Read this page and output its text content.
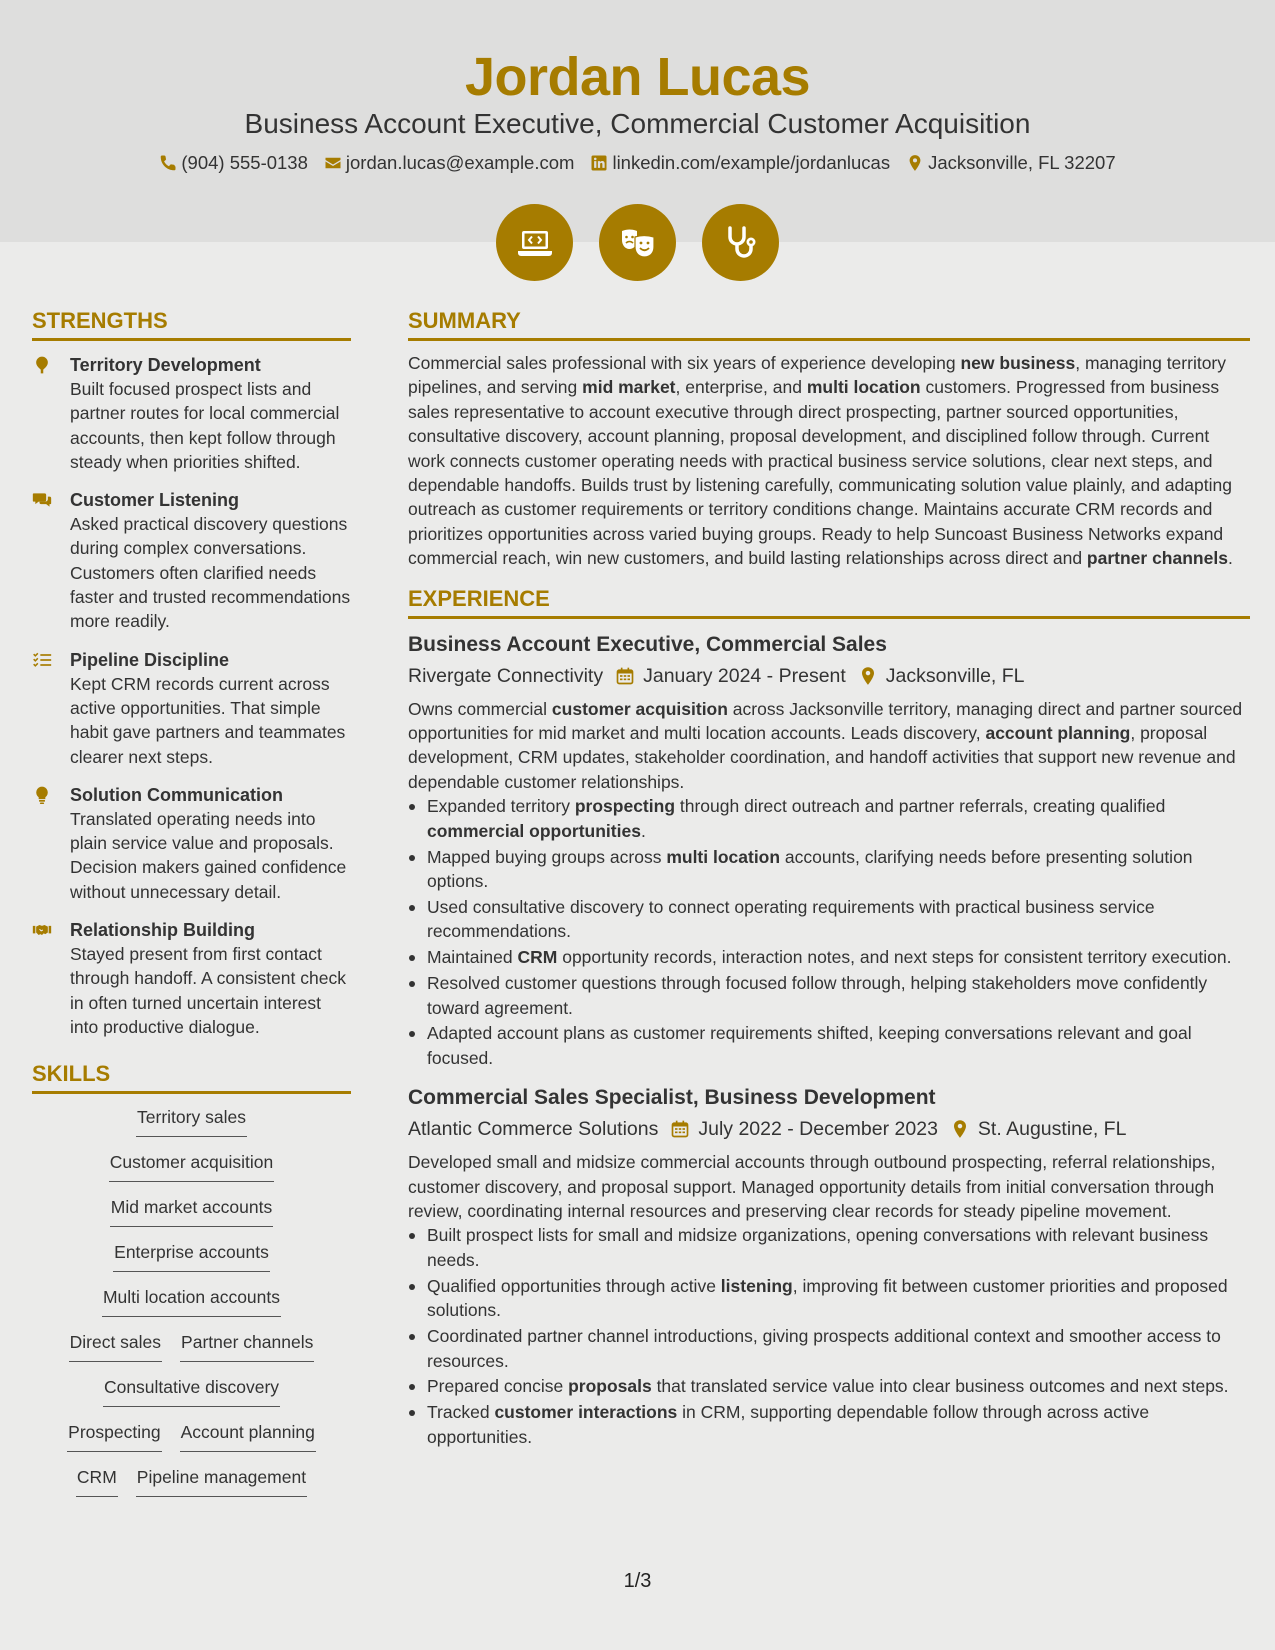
Jordan Lucas
Business Account Executive, Commercial Customer Acquisition
(904) 555-0138 jordan.lucas@example.com linkedin.com/example/jordanlucas Jacksonville, FL 32207
STRENGTHS
Territory Development
Built focused prospect lists and partner routes for local commercial accounts, then kept follow through steady when priorities shifted.
Customer Listening
Asked practical discovery questions during complex conversations. Customers often clarified needs faster and trusted recommendations more readily.
Pipeline Discipline
Kept CRM records current across active opportunities. That simple habit gave partners and teammates clearer next steps.
Solution Communication
Translated operating needs into plain service value and proposals. Decision makers gained confidence without unnecessary detail.
Relationship Building
Stayed present from first contact through handoff. A consistent check in often turned uncertain interest into productive dialogue.
SKILLS
Territory sales
Customer acquisition
Mid market accounts
Enterprise accounts
Multi location accounts
Direct sales Partner channels
Consultative discovery
Prospecting Account planning
CRM Pipeline management
SUMMARY

Commercial sales professional with six years of experience developing new business, managing territory pipelines, and serving mid market, enterprise, and multi location customers. Progressed from business sales representative to account executive through direct prospecting, partner sourced opportunities, consultative discovery, account planning, proposal development, and disciplined follow through. Current work connects customer operating needs with practical business service solutions, clear next steps, and dependable handoffs. Builds trust by listening carefully, communicating solution value plainly, and adapting outreach as customer requirements or territory conditions change. Maintains accurate CRM records and prioritizes opportunities across varied buying groups. Ready to help Suncoast Business Networks expand commercial reach, win new customers, and build lasting relationships across direct and partner channels.

EXPERIENCE
Business Account Executive, Commercial Sales
Rivergate Connectivity January 2024 - Present Jacksonville, FL

Owns commercial customer acquisition across Jacksonville territory, managing direct and partner sourced opportunities for mid market and multi location accounts. Leads discovery, account planning, proposal development, CRM updates, stakeholder coordination, and handoff activities that support new revenue and dependable customer relationships.

Expanded territory prospecting through direct outreach and partner referrals, creating qualified commercial opportunities.
Mapped buying groups across multi location accounts, clarifying needs before presenting solution options.
Used consultative discovery to connect operating requirements with practical business service recommendations.
Maintained CRM opportunity records, interaction notes, and next steps for consistent territory execution.
Resolved customer questions through focused follow through, helping stakeholders move confidently toward agreement.
Adapted account plans as customer requirements shifted, keeping conversations relevant and goal focused.
Commercial Sales Specialist, Business Development
Atlantic Commerce Solutions July 2022 - December 2023 St. Augustine, FL

Developed small and midsize commercial accounts through outbound prospecting, referral relationships, customer discovery, and proposal support. Managed opportunity details from initial conversation through review, coordinating internal resources and preserving clear records for steady pipeline movement.

Built prospect lists for small and midsize organizations, opening conversations with relevant business needs.
Qualified opportunities through active listening, improving fit between customer priorities and proposed solutions.
Coordinated partner channel introductions, giving prospects additional context and smoother access to resources.
Prepared concise proposals that translated service value into clear business outcomes and next steps.
Tracked customer interactions in CRM, supporting dependable follow through across active opportunities.
1/3
